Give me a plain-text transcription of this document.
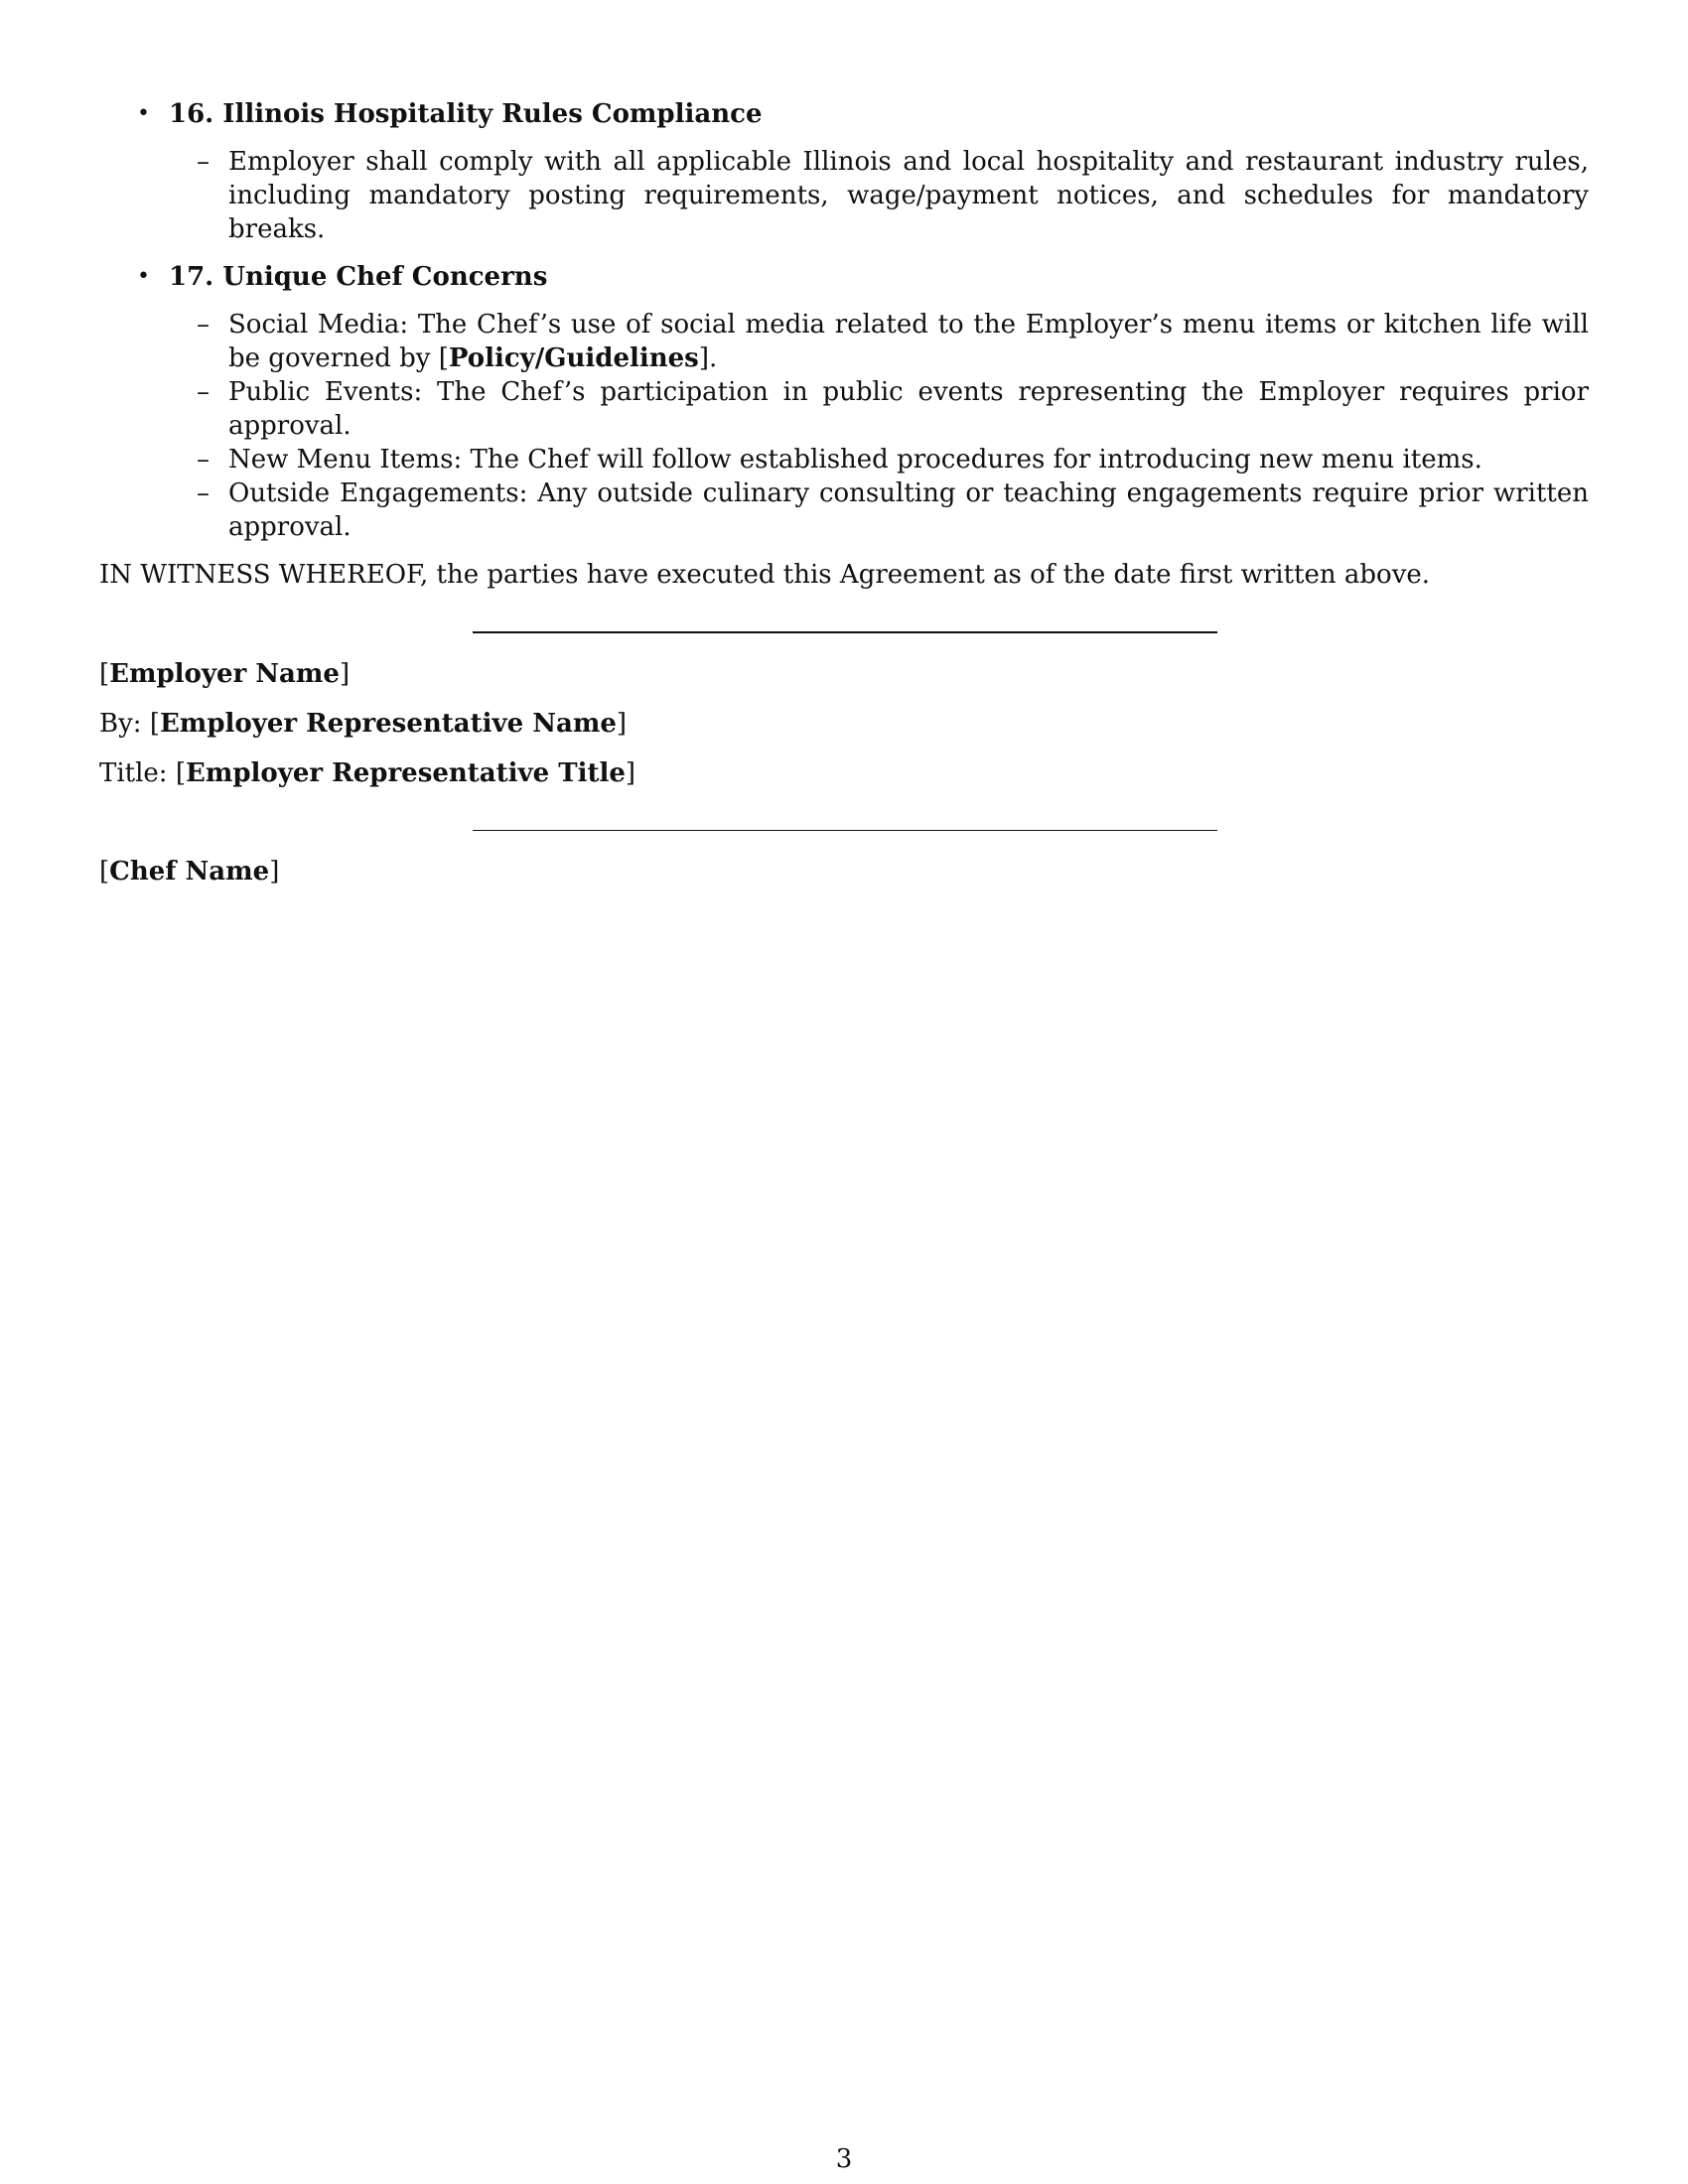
• 16. Illinois Hospitality Rules Compliance
– Employer shall comply with all applicable Illinois and local hospitality and restaurant industry rules, including mandatory posting requirements, wage/payment notices, and schedules for mandatory breaks.
• 17. Unique Chef Concerns
– Social Media: The Chef’s use of social media related to the Employer’s menu items or kitchen life will be governed by [Policy/Guidelines].
– Public Events: The Chef’s participation in public events representing the Employer requires prior approval.
– New Menu Items: The Chef will follow established procedures for introducing new menu items.
– Outside Engagements: Any outside culinary consulting or teaching engagements require prior written approval.

IN WITNESS WHEREOF, the parties have executed this Agreement as of the date first written above.

[Employer Name]

By: [Employer Representative Name]

Title: [Employer Representative Title]

[Chef Name]

3
